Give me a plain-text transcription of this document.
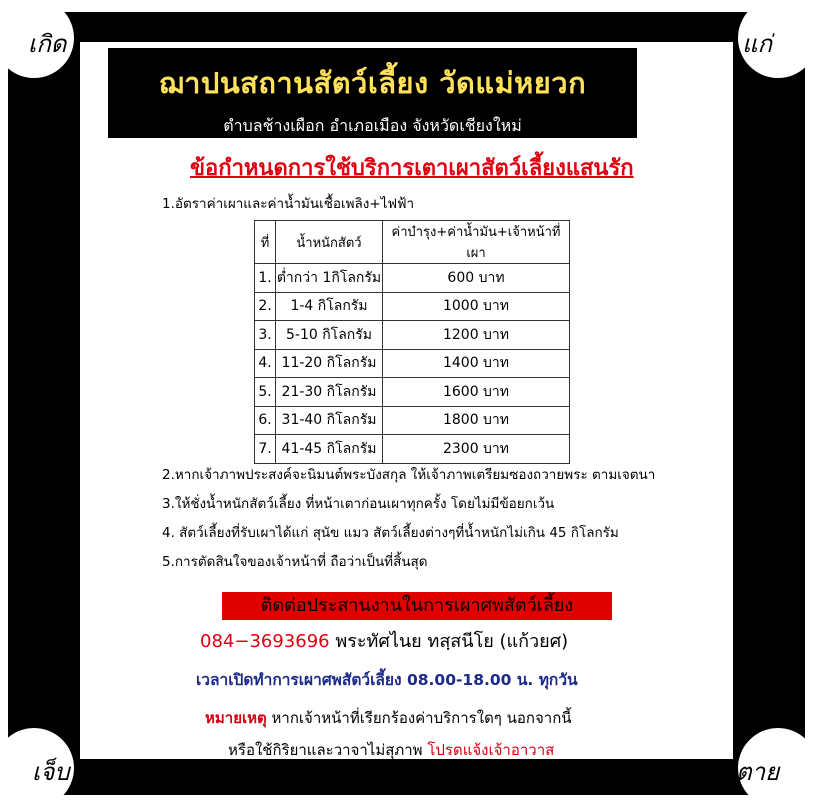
เกิด	แก่
เจ็บ	ตาย
ฌาปนสถานสัตว์เลี้ยง วัดแม่หยวก
ตำบลช้างเผือก อำเภอเมือง จังหวัดเชียงใหม่
ข้อกำหนดการใช้บริการเตาเผาสัตว์เลี้ยงแสนรัก
1.อัตราค่าเผาและค่าน้ำมันเชื้อเพลิง+ไฟฟ้า
ที่	น้ำหนักสัตว์	ค่าบำรุง+ค่าน้ำมัน+เจ้าหน้าที่เผา
1.	ต่ำกว่า 1กิโลกรัม	600 บาท
2.	1-4 กิโลกรัม	1000 บาท
3.	5-10 กิโลกรัม	1200 บาท
4.	11-20 กิโลกรัม	1400 บาท
5.	21-30 กิโลกรัม	1600 บาท
6.	31-40 กิโลกรัม	1800 บาท
7.	41-45 กิโลกรัม	2300 บาท
2.หากเจ้าภาพประสงค์จะนิมนต์พระบังสกุล ให้เจ้าภาพเตรียมซองถวายพระ ตามเจตนา
3.ให้ชั่งน้ำหนักสัตว์เลี้ยง ที่หน้าเตาก่อนเผาทุกครั้ง โดยไม่มีข้อยกเว้น
4. สัตว์เลี้ยงที่รับเผาได้แก่ สุนัข แมว สัตว์เลี้ยงต่างๆที่น้ำหนักไม่เกิน 45 กิโลกรัม
5.การตัดสินใจของเจ้าหน้าที่ ถือว่าเป็นที่สิ้นสุด
ติดต่อประสานงานในการเผาศพสัตว์เลี้ยง
084−3693696 พระทัศไนย ทสฺสนีโย (แก้วยศ)
เวลาเปิดทำการเผาศพสัตว์เลี้ยง 08.00-18.00 น. ทุกวัน
หมายเหตุ หากเจ้าหน้าที่เรียกร้องค่าบริการใดๆ นอกจากนี้
หรือใช้กิริยาและวาจาไม่สุภาพ โปรดแจ้งเจ้าอาวาส
